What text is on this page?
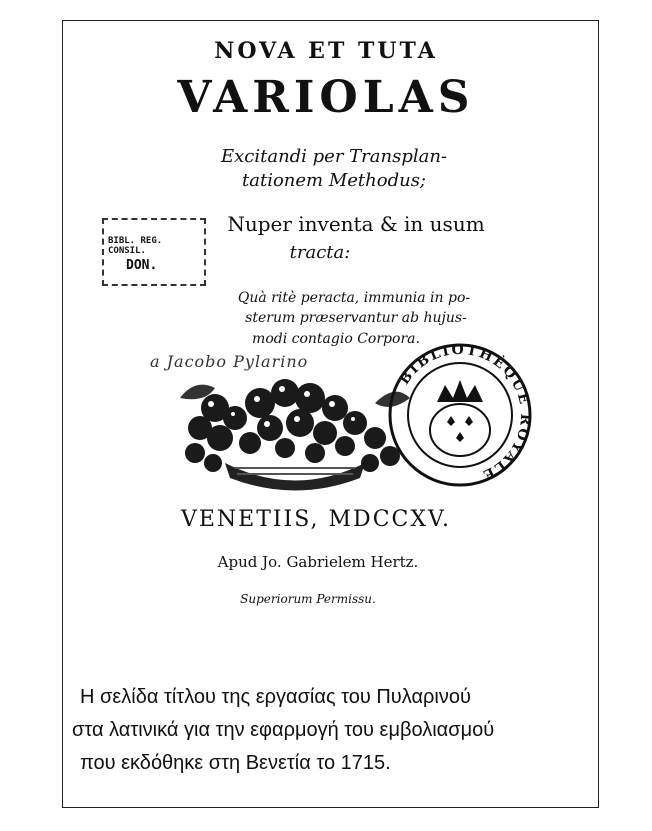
NOVA ET TUTA
VARIOLAS
Excitandi per Transplan-
tationem Methodus;
Nuper inventa & in usum
tracta:
Quà ritè peracta, immunia in po-
sterum præservantur ab hujus-
modi contagio Corpora.
a Jacobo Pylarino
BIBL. REG. CONSIL.
DON.
BIBLIOTHÈQUE ROYALE
VENETIIS, MDCCXV.
Apud Jo. Gabrielem Hertz.
Superiorum Permissu.
Η σελίδα τίτλου της εργασίας του Πυλαρινού
στα λατινικά για την εφαρμογή του εμβολιασμού
που εκδόθηκε στη Βενετία το 1715.
